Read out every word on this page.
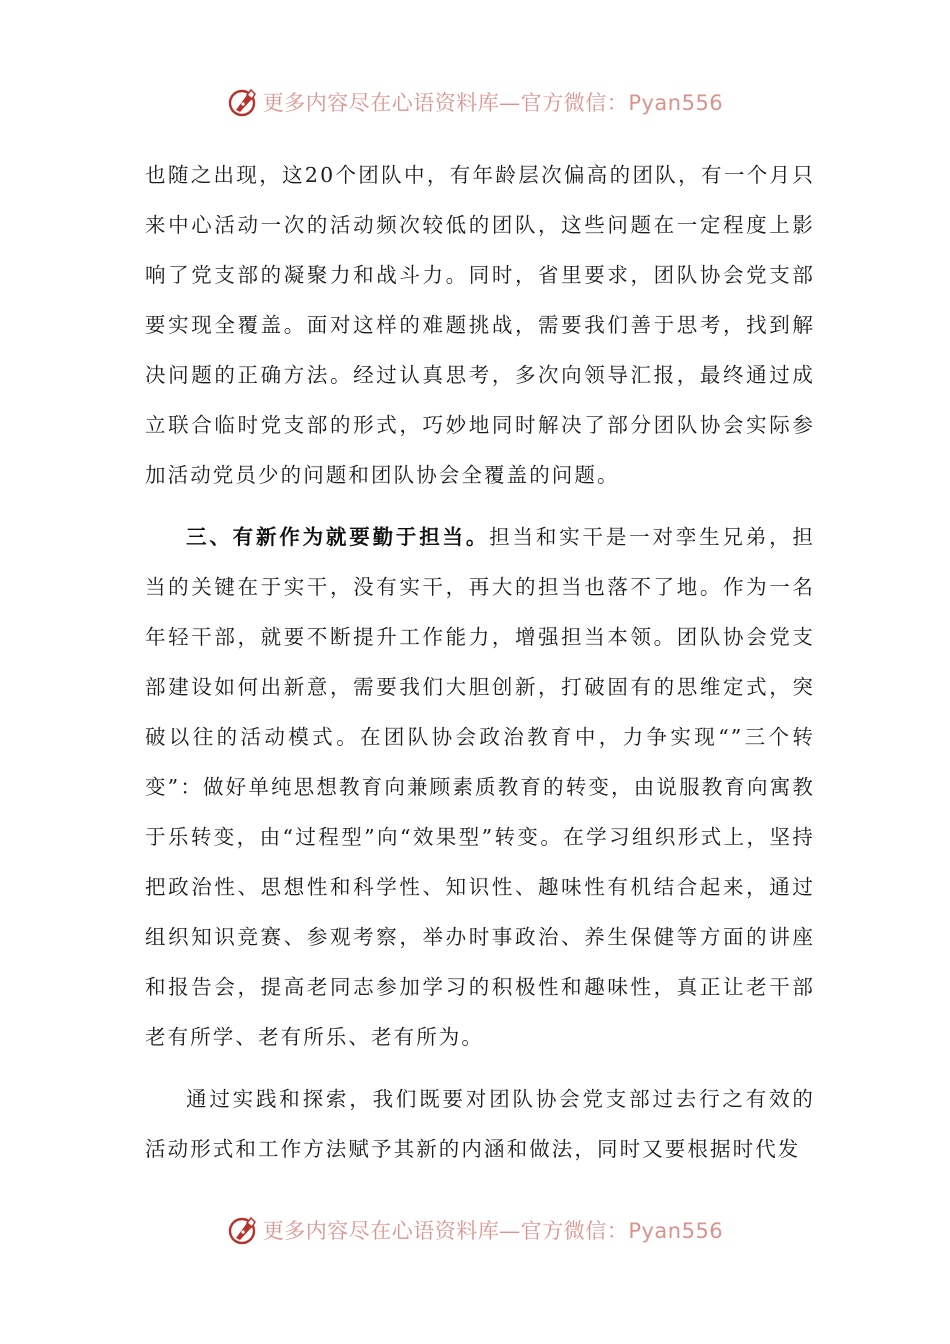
更多内容尽在心语资料库—官方微信：Pyan556

也随之出现，这20个团队中，有年龄层次偏高的团队，有一个月只来中心活动一次的活动频次较低的团队，这些问题在一定程度上影响了党支部的凝聚力和战斗力。同时，省里要求，团队协会党支部要实现全覆盖。面对这样的难题挑战，需要我们善于思考，找到解决问题的正确方法。经过认真思考，多次向领导汇报，最终通过成立联合临时党支部的形式，巧妙地同时解决了部分团队协会实际参加活动党员少的问题和团队协会全覆盖的问题。

三、有新作为就要勤于担当。担当和实干是一对孪生兄弟，担当的关键在于实干，没有实干，再大的担当也落不了地。作为一名年轻干部，就要不断提升工作能力，增强担当本领。团队协会党支部建设如何出新意，需要我们大胆创新，打破固有的思维定式，突破以往的活动模式。在团队协会政治教育中，力争实现“”三个转变”：做好单纯思想教育向兼顾素质教育的转变，由说服教育向寓教于乐转变，由“过程型”向“效果型”转变。在学习组织形式上，坚持把政治性、思想性和科学性、知识性、趣味性有机结合起来，通过组织知识竞赛、参观考察，举办时事政治、养生保健等方面的讲座和报告会，提高老同志参加学习的积极性和趣味性，真正让老干部老有所学、老有所乐、老有所为。

通过实践和探索，我们既要对团队协会党支部过去行之有效的活动形式和工作方法赋予其新的内涵和做法，同时又要根据时代发

更多内容尽在心语资料库—官方微信：Pyan556
